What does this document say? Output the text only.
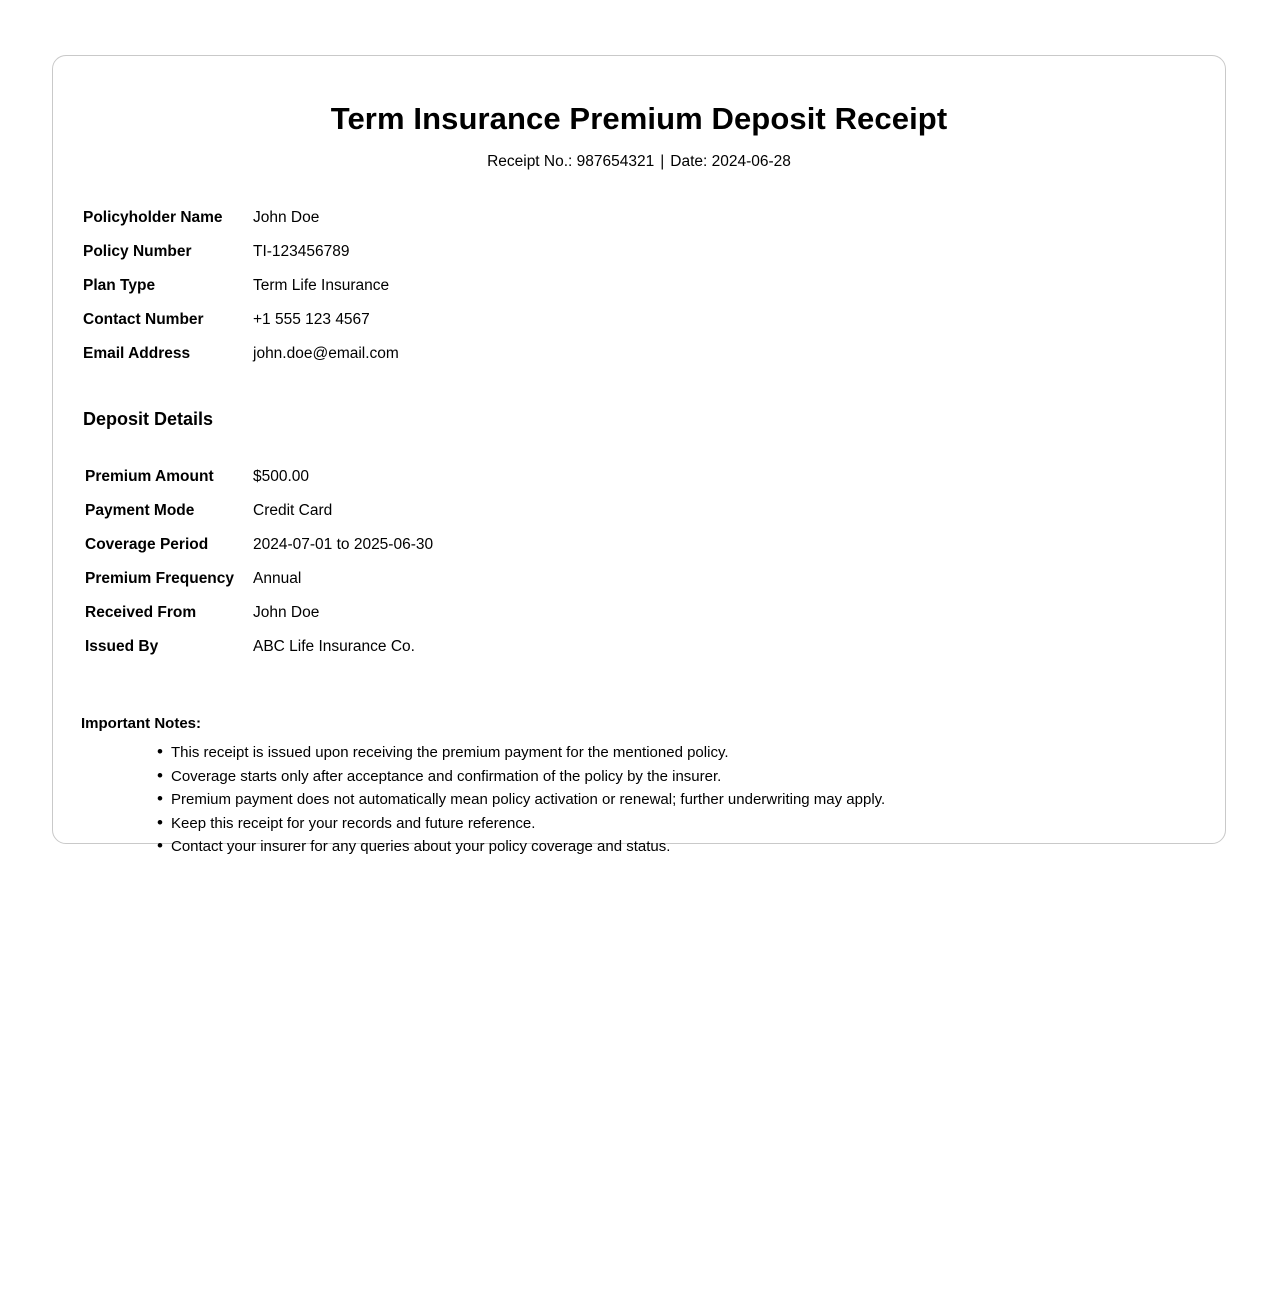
Term Insurance Premium Deposit Receipt
Receipt No.: 987654321 | Date: 2024-06-28
Policyholder Name	John Doe
Policy Number	TI-123456789
Plan Type	Term Life Insurance
Contact Number	+1 555 123 4567
Email Address	john.doe@email.com
Deposit Details
Premium Amount	$500.00
Payment Mode	Credit Card
Coverage Period	2024-07-01 to 2025-06-30
Premium Frequency	Annual
Received From	John Doe
Issued By	ABC Life Insurance Co.
Important Notes:
• This receipt is issued upon receiving the premium payment for the mentioned policy.
• Coverage starts only after acceptance and confirmation of the policy by the insurer.
• Premium payment does not automatically mean policy activation or renewal; further underwriting may apply.
• Keep this receipt for your records and future reference.
• Contact your insurer for any queries about your policy coverage and status.
